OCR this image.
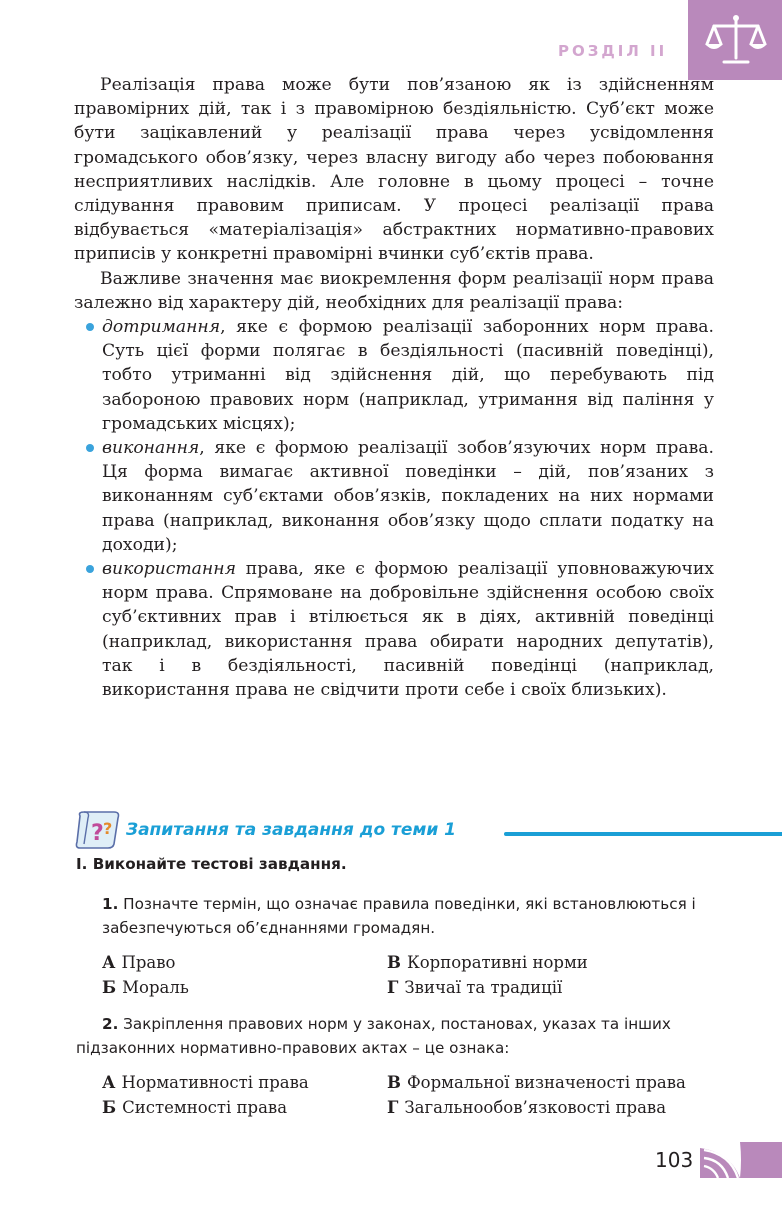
РОЗДІЛ II

Реалізація права може бути пов’язаною як із здійсненням правомірних дій, так і з правомірною бездіяльністю. Суб’єкт може бути зацікавлений у реалізації права через усвідомлення громадського обов’язку, через власну вигоду або через побоювання несприятливих наслідків. Але головне в цьому процесі – точне слідування правовим приписам. У процесі реалізації права відбувається «матеріалізація» абстрактних нормативно-правових приписів у конкретні правомірні вчинки суб’єктів права.

Важливе значення має виокремлення форм реалізації норм права залежно від характеру дій, необхідних для реалізації права:

дотримання, яке є формою реалізації заборонних норм права. Суть цієї форми полягає в бездіяльності (пасивній поведінці), тобто утриманні від здійснення дій, що перебувають під забороною правових норм (наприклад, утримання від паління у громадських місцях);
виконання, яке є формою реалізації зобов’язуючих норм права. Ця форма вимагає активної поведінки – дій, пов’язаних з виконанням суб’єктами обов’язків, покладених на них нормами права (наприклад, виконання обов’язку щодо сплати податку на доходи);
використання права, яке є формою реалізації уповноважуючих норм права. Спрямоване на добровільне здійснення особою своїх суб’єктивних прав і втілюється як в діях, активній поведінці (наприклад, використання права обирати народних депутатів), так і в бездіяльності, пасивній поведінці (наприклад, використання права не свідчити проти себе і своїх близьких).
? ? Запитання та завдання до теми 1

І. Виконайте тестові завдання.

1. Позначте термін, що означає правила поведінки, які встановлюються і забезпечуються об’єднаннями громадян.

А Право	В Корпоративні норми
Б Мораль	Г Звичаї та традиції

2. Закріплення правових норм у законах, постановах, указах та інших підзаконних нормативно-правових актах – це ознака:

А Нормативності права	В Формальної визначеності права
Б Системності права	Г Загальнообов’язковості права
103
